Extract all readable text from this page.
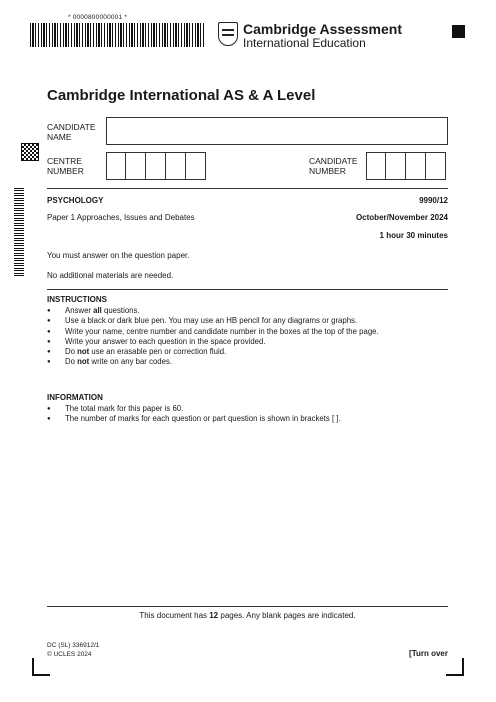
* 0000800000001 *
Cambridge Assessment
International Education
Cambridge International AS & A Level
CANDIDATE
NAME
CENTRE
NUMBER
CANDIDATE
NUMBER
PSYCHOLOGY	9990/12
Paper 1 Approaches, Issues and Debates	October/November 2024
1 hour 30 minutes
You must answer on the question paper.
No additional materials are needed.
INSTRUCTIONS
● Answer all questions.
● Use a black or dark blue pen. You may use an HB pencil for any diagrams or graphs.
● Write your name, centre number and candidate number in the boxes at the top of the page.
● Write your answer to each question in the space provided.
● Do not use an erasable pen or correction fluid.
● Do not write on any bar codes.
INFORMATION
● The total mark for this paper is 60.
● The number of marks for each question or part question is shown in brackets [ ].
This document has 12 pages. Any blank pages are indicated.
DC (SL) 336912/1
© UCLES 2024	[Turn over
